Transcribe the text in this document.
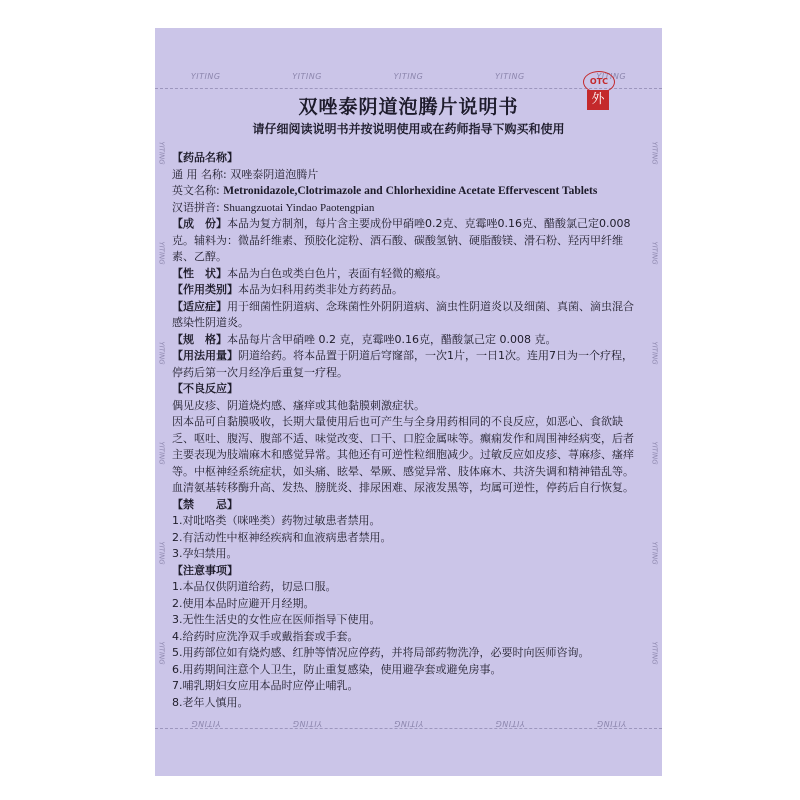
YITING	YITING	YITING	YITING	YITING
YITING
YITING
YITING
YITING
YITING
YITING
YITING
YITING
YITING
YITING
YITING
YITING
YITING
YITING
YITING
YITING
YITING
OTC
外
双唑泰阴道泡腾片说明书
请仔细阅读说明书并按说明使用或在药师指导下购买和使用
【药品名称】
通 用 名称: 双唑泰阴道泡腾片
英文名称: Metronidazole,Clotrimazole and Chlorhexidine Acetate Effervescent Tablets
汉语拼音: Shuangzuotai Yindao Paotengpian
【成　份】本品为复方制剂，每片含主要成份甲硝唑0.2克、克霉唑0.16克、醋酸氯己定0.008克。辅料为：微晶纤维素、预胶化淀粉、酒石酸、碳酸氢钠、硬脂酸镁、滑石粉、羟丙甲纤维素、乙醇。
【性　状】本品为白色或类白色片，表面有轻微的瘢痕。
【作用类别】本品为妇科用药类非处方药药品。
【适应症】用于细菌性阴道病、念珠菌性外阴阴道病、滴虫性阴道炎以及细菌、真菌、滴虫混合感染性阴道炎。
【规　格】本品每片含甲硝唑 0.2 克，克霉唑0.16克，醋酸氯己定 0.008 克。
【用法用量】阴道给药。将本品置于阴道后穹窿部，一次1片，一日1次。连用7日为一个疗程，停药后第一次月经净后重复一疗程。
【不良反应】
偶见皮疹、阴道烧灼感、瘙痒或其他黏膜刺激症状。
因本品可自黏膜吸收，长期大量使用后也可产生与全身用药相同的不良反应，如恶心、食欲缺乏、呕吐、腹泻、腹部不适、味觉改变、口干、口腔金属味等。癫痫发作和周围神经病变，后者主要表现为肢端麻木和感觉异常。其他还有可逆性粒细胞减少。过敏反应如皮疹、荨麻疹、瘙痒等。中枢神经系统症状，如头痛、眩晕、晕厥、感觉异常、肢体麻木、共济失调和精神错乱等。血清氨基转移酶升高、发热、膀胱炎、排尿困难、尿液发黑等，均属可逆性，停药后自行恢复。
【禁　　忌】
1.对吡咯类（咪唑类）药物过敏患者禁用。
2.有活动性中枢神经疾病和血液病患者禁用。
3.孕妇禁用。
【注意事项】
1.本品仅供阴道给药，切忌口服。
2.使用本品时应避开月经期。
3.无性生活史的女性应在医师指导下使用。
4.给药时应洗净双手或戴指套或手套。
5.用药部位如有烧灼感、红肿等情况应停药，并将局部药物洗净，必要时向医师咨询。
6.用药期间注意个人卫生，防止重复感染，使用避孕套或避免房事。
7.哺乳期妇女应用本品时应停止哺乳。
8.老年人慎用。
